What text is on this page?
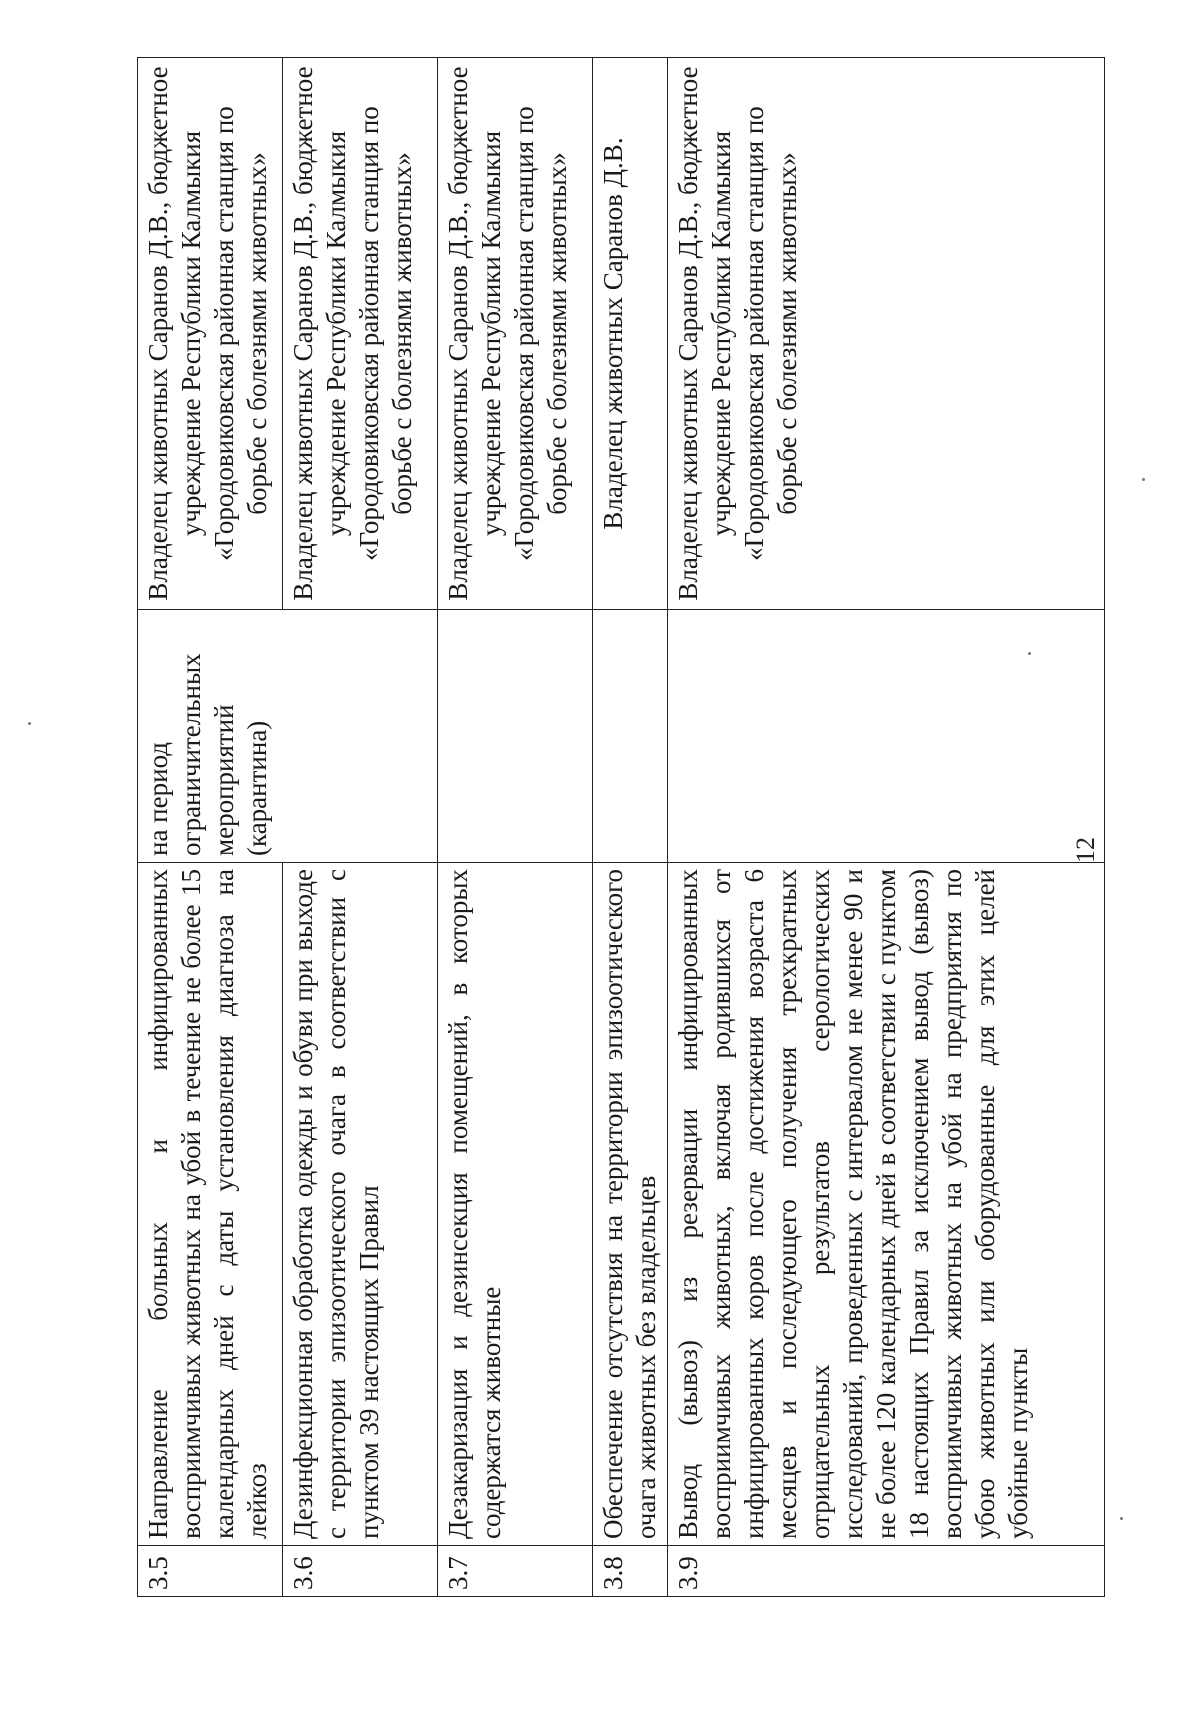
3.5	Направление больных и инфицированных восприимчивых животных на убой в течение не более 15 календарных дней с даты установления диагноза на лейкоз	на период ограничительных мероприятий (карантина)	Владелец животных Саранов Д.В., бюджетное учреждение Республики Калмыкия «Городовиковская районная станция по борьбе с болезнями животных»
3.6	Дезинфекционная обработка одежды и обуви при выходе с территории эпизоотического очага в соответствии с пунктом 39 настоящих Правил		Владелец животных Саранов Д.В., бюджетное учреждение Республики Калмыкия «Городовиковская районная станция по борьбе с болезнями животных»
3.7	Дезакаризация и дезинсекция помещений, в которых содержатся животные		Владелец животных Саранов Д.В., бюджетное учреждение Республики Калмыкия «Городовиковская районная станция по борьбе с болезнями животных»
3.8	Обеспечение отсутствия на территории эпизоотического очага животных без владельцев		Владелец животных Саранов Д.В.
3.9	Вывод (вывоз) из резервации инфицированных восприимчивых животных, включая родившихся от инфицированных коров после достижения возраста 6 месяцев и последующего получения трехкратных отрицательных результатов серологических исследований, проведенных с интервалом не менее 90 и не более 120 календарных дней в соответствии с пунктом 18 настоящих Правил за исключением вывод (вывоз) восприимчивых животных на убой на предприятия по убою животных или оборудованные для этих целей убойные пункты		Владелец животных Саранов Д.В., бюджетное учреждение Республики Калмыкия «Городовиковская районная станция по борьбе с болезнями животных»
12
